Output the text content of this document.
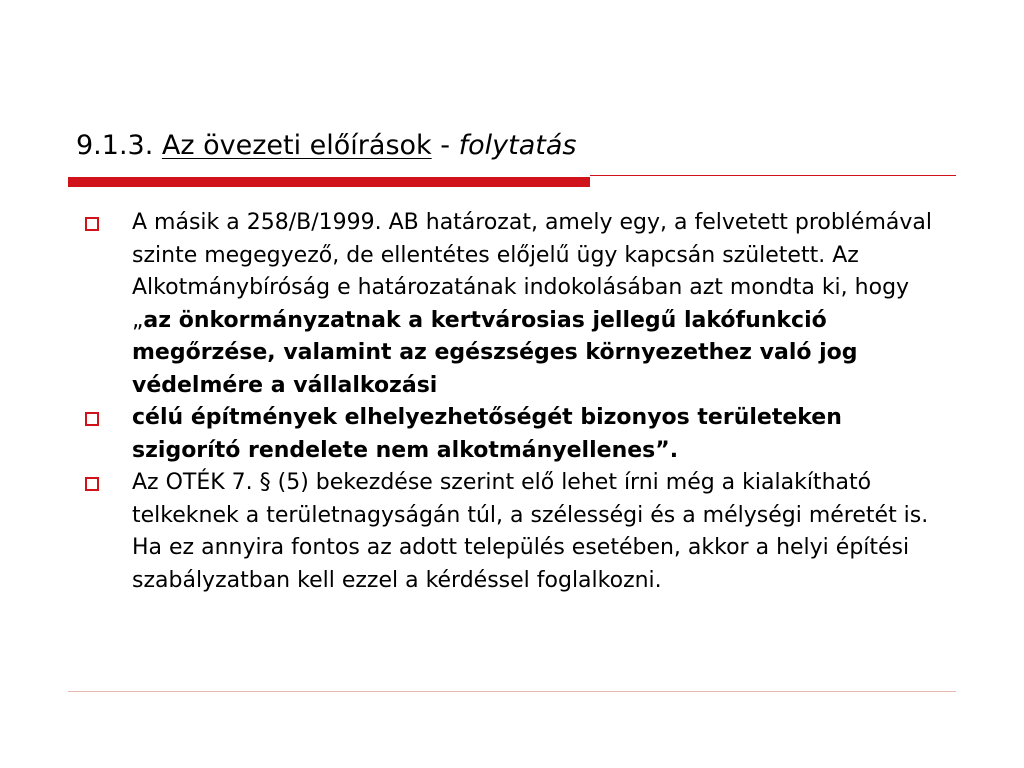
9.1.3. Az övezeti előírások - folytatás
A másik a 258/B/1999. AB határozat, amely egy, a felvetett problémával szinte megegyező, de ellentétes előjelű ügy kapcsán született. Az Alkotmánybíróság e határozatának indokolásában azt mondta ki, hogy „az önkormányzatnak a kertvárosias jellegű lakófunkció megőrzése, valamint az egészséges környezethez való jog védelmére a vállalkozási
célú építmények elhelyezhetőségét bizonyos területeken szigorító rendelete nem alkotmányellenes”.
Az OTÉK 7. § (5) bekezdése szerint elő lehet írni még a kialakítható telkeknek a területnagyságán túl, a szélességi és a mélységi méretét is. Ha ez annyira fontos az adott település esetében, akkor a helyi építési szabályzatban kell ezzel a kérdéssel foglalkozni.
